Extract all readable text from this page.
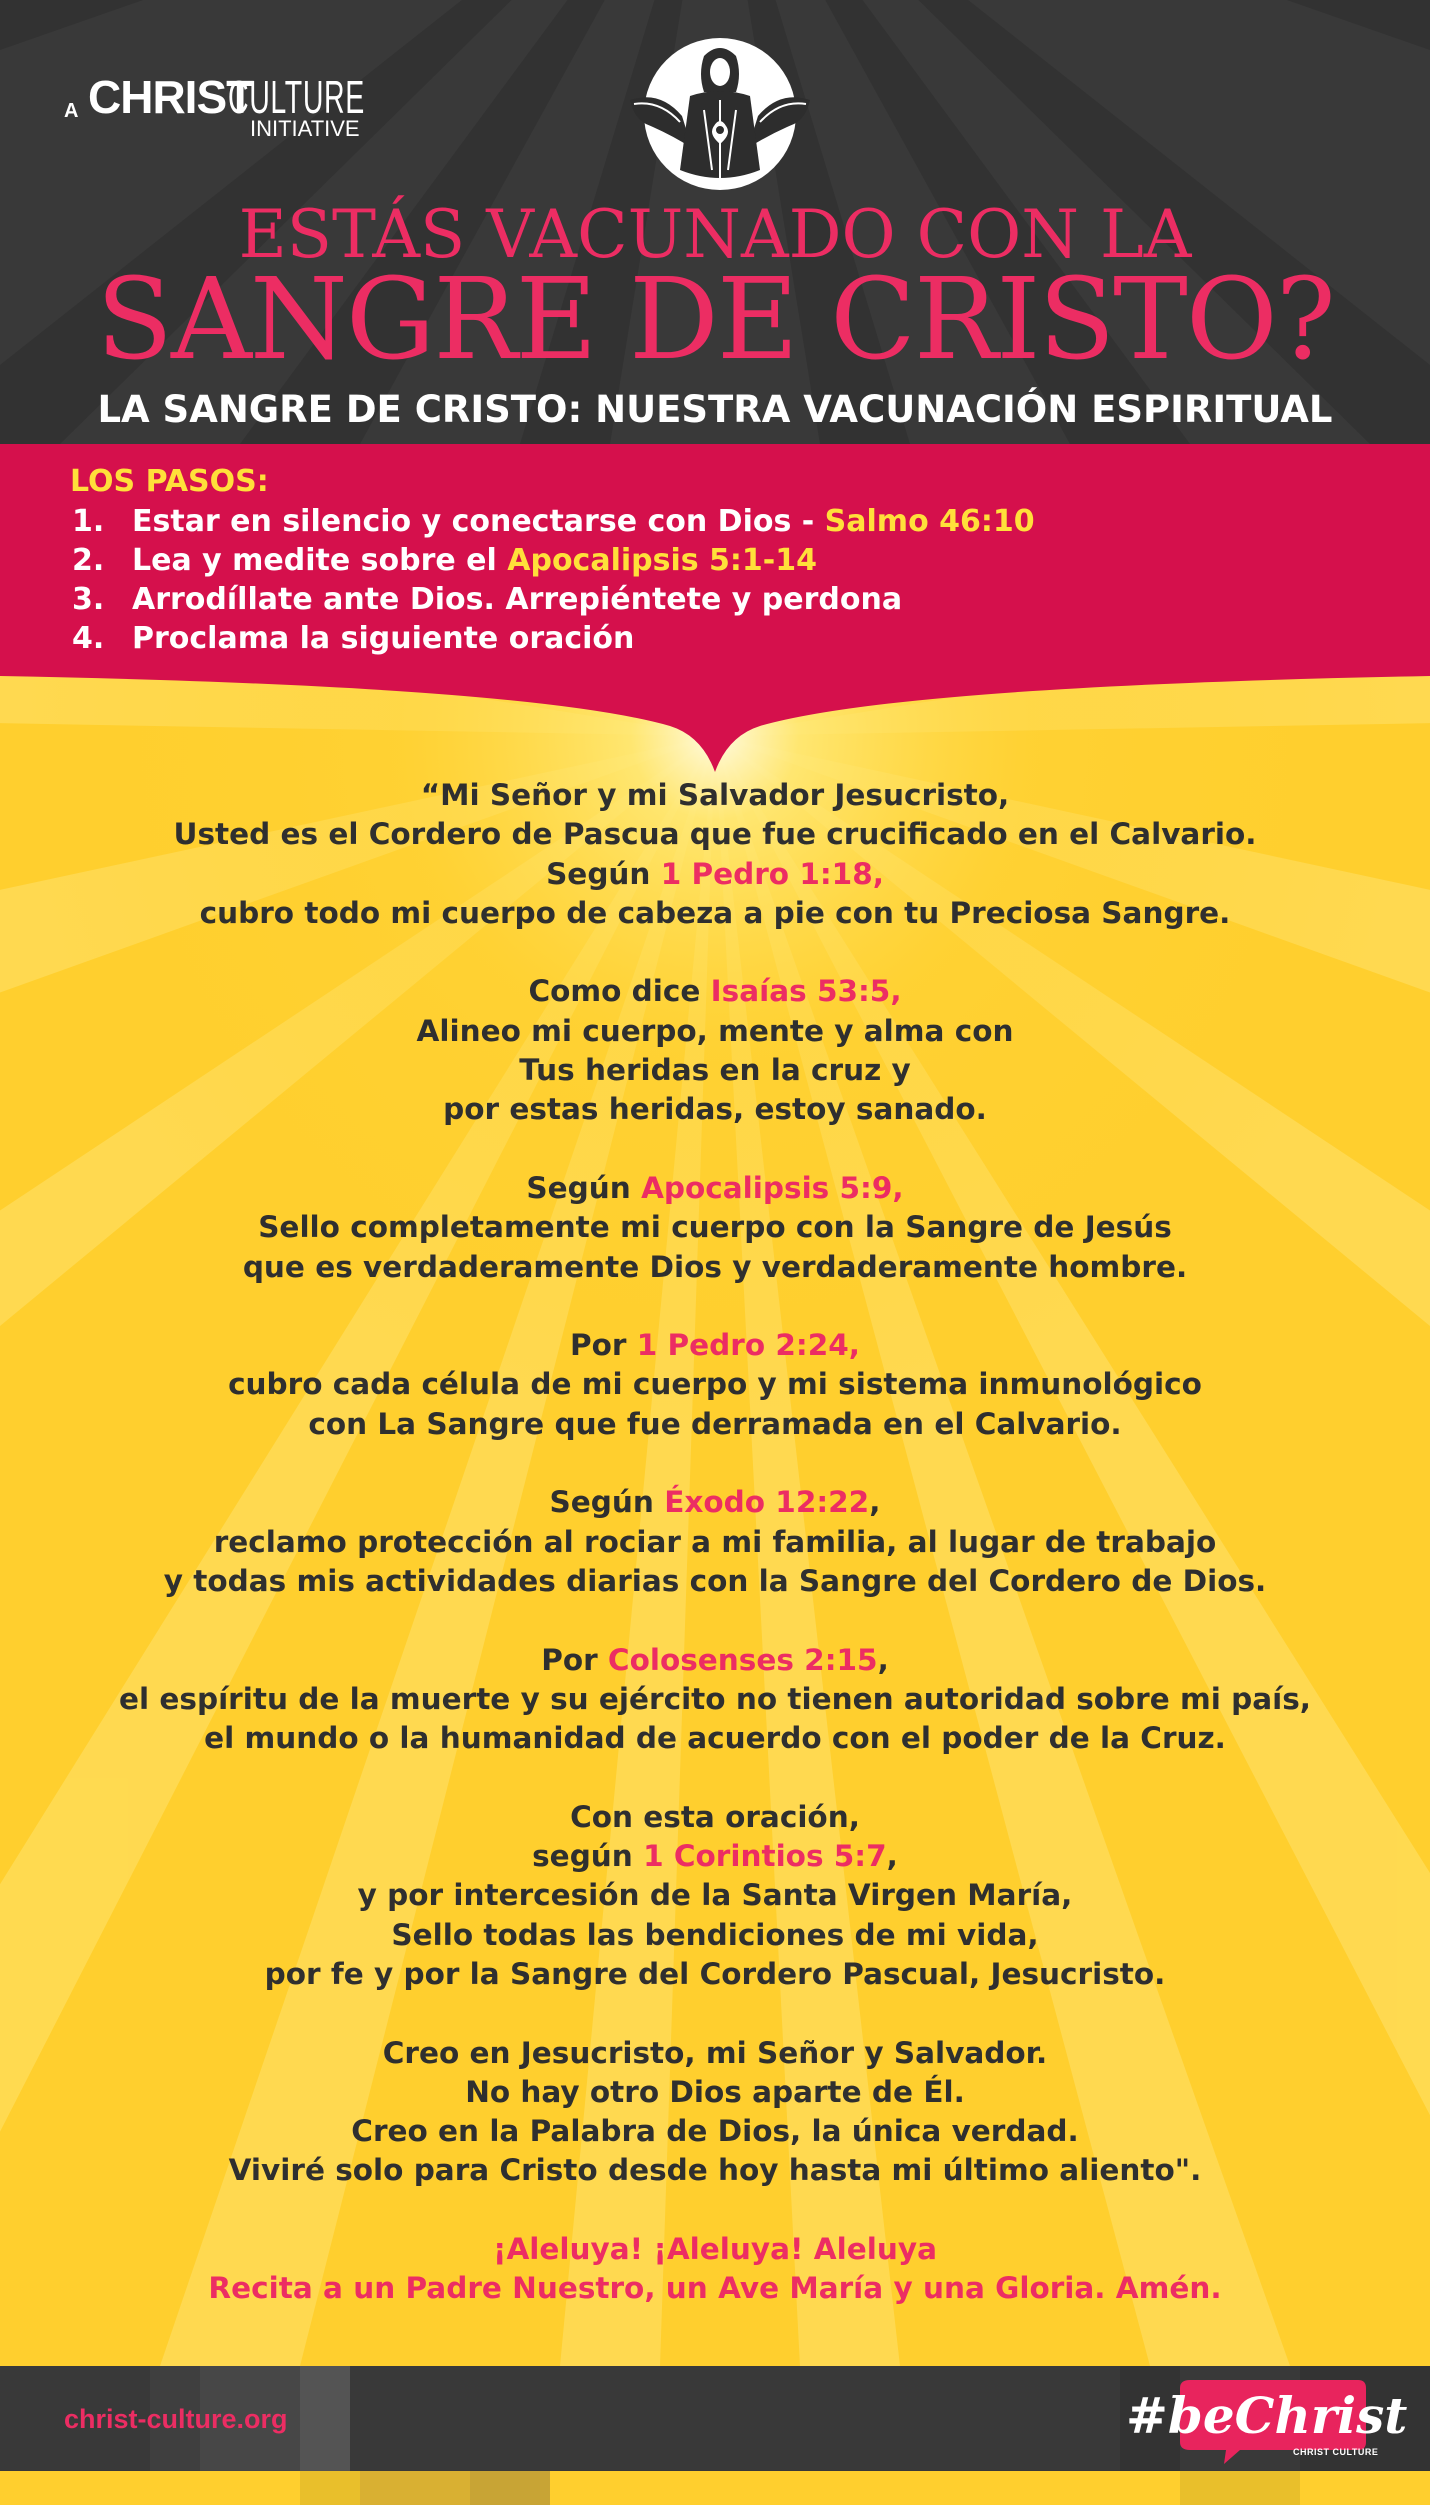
A CHRIST
CULTURE
INITIATIVE
ESTÁS VACUNADO CON LA
SANGRE DE CRISTO?
LA SANGRE DE CRISTO: NUESTRA VACUNACIÓN ESPIRITUAL
LOS PASOS:
1. Estar en silencio y conectarse con Dios - Salmo 46:10
2. Lea y medite sobre el Apocalipsis 5:1-14
3. Arrodíllate ante Dios. Arrepiéntete y perdona
4. Proclama la siguiente oración
“Mi Señor y mi Salvador Jesucristo,
Usted es el Cordero de Pascua que fue crucificado en el Calvario.
Según 1 Pedro 1:18,
cubro todo mi cuerpo de cabeza a pie con tu Preciosa Sangre.
Como dice Isaías 53:5,
Alineo mi cuerpo, mente y alma con
Tus heridas en la cruz y
por estas heridas, estoy sanado.
Según Apocalipsis 5:9,
Sello completamente mi cuerpo con la Sangre de Jesús
que es verdaderamente Dios y verdaderamente hombre.
Por 1 Pedro 2:24,
cubro cada célula de mi cuerpo y mi sistema inmunológico
con La Sangre que fue derramada en el Calvario.
Según Éxodo 12:22,
reclamo protección al rociar a mi familia, al lugar de trabajo
y todas mis actividades diarias con la Sangre del Cordero de Dios.
Por Colosenses 2:15,
el espíritu de la muerte y su ejército no tienen autoridad sobre mi país,
el mundo o la humanidad de acuerdo con el poder de la Cruz.
Con esta oración,
según 1 Corintios 5:7,
y por intercesión de la Santa Virgen María,
Sello todas las bendiciones de mi vida,
por fe y por la Sangre del Cordero Pascual, Jesucristo.
Creo en Jesucristo, mi Señor y Salvador.
No hay otro Dios aparte de Él.
Creo en la Palabra de Dios, la única verdad.
Viviré solo para Cristo desde hoy hasta mi último aliento".
¡Aleluya! ¡Aleluya! Aleluya
Recita a un Padre Nuestro, un Ave María y una Gloria. Amén.
christ-culture.org	#beChrist
CHRIST CULTURE
